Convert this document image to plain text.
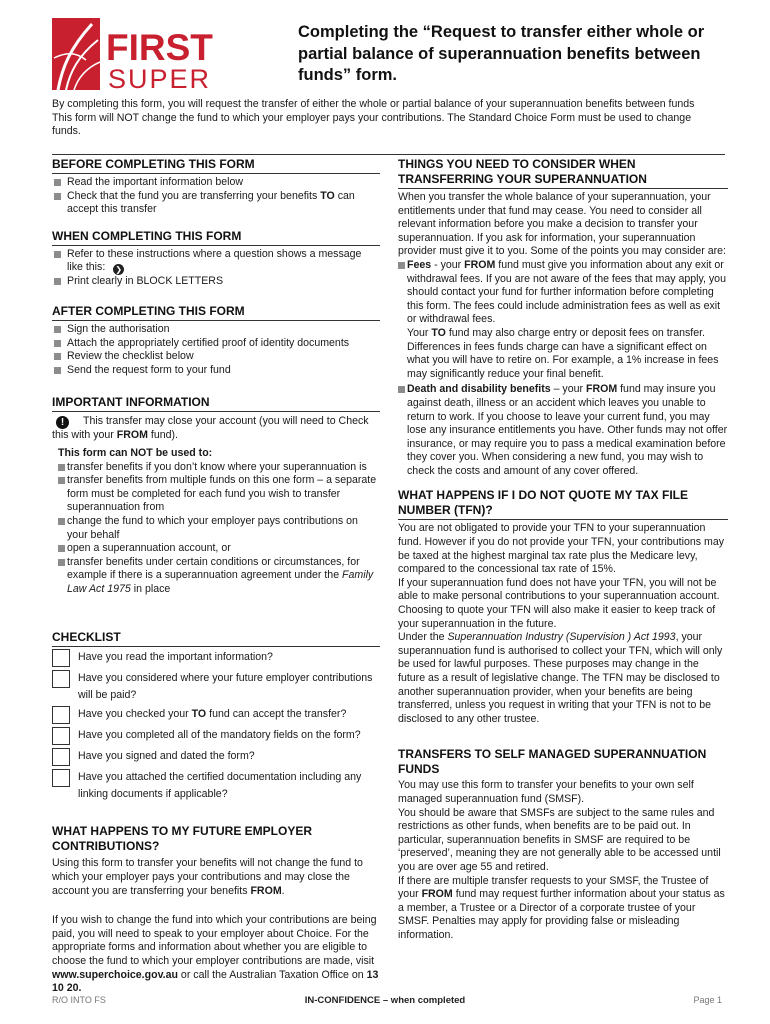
FIRST
SUPER
Completing the “Request to transfer either whole or partial balance of superannuation benefits between funds” form.

By completing this form, you will request the transfer of either the whole or partial balance of your superannuation benefits between funds

This form will NOT change the fund to which your employer pays your contributions. The Standard Choice Form must be used to change funds.

BEFORE COMPLETING THIS FORM
Read the important information below
Check that the fund you are transferring your benefits TO can accept this transfer
WHEN COMPLETING THIS FORM
Refer to these instructions where a question shows a message like this: ❯
Print clearly in BLOCK LETTERS
AFTER COMPLETING THIS FORM
Sign the authorisation
Attach the appropriately certified proof of identity documents
Review the checklist below
Send the request form to your fund
IMPORTANT INFORMATION
! This transfer may close your account (you will need to Check this with your FROM fund).
This form can NOT be used to:
transfer benefits if you don’t know where your superannuation is
transfer benefits from multiple funds on this one form – a separate form must be completed for each fund you wish to transfer superannuation from
change the fund to which your employer pays contributions on your behalf
open a superannuation account, or
transfer benefits under certain conditions or circumstances, for example if there is a superannuation agreement under the Family Law Act 1975 in place
CHECKLIST
Have you read the important information?
Have you considered where your future employer contributions will be paid?
Have you checked your TO fund can accept the transfer?
Have you completed all of the mandatory fields on the form?
Have you signed and dated the form?
Have you attached the certified documentation including any linking documents if applicable?
WHAT HAPPENS TO MY FUTURE EMPLOYER CONTRIBUTIONS?

Using this form to transfer your benefits will not change the fund to which your employer pays your contributions and may close the account you are transferring your benefits FROM.

If you wish to change the fund into which your contributions are being paid, you will need to speak to your employer about Choice. For the appropriate forms and information about whether you are eligible to choose the fund to which your employer contributions are made, visit www.superchoice.gov.au or call the Australian Taxation Office on 13 10 20.

THINGS YOU NEED TO CONSIDER WHEN TRANSFERRING YOUR SUPERANNUATION

When you transfer the whole balance of your superannuation, your entitlements under that fund may cease. You need to consider all relevant information before you make a decision to transfer your superannuation. If you ask for information, your superannuation provider must give it to you. Some of the points you may consider are:

Fees - your FROM fund must give you information about any exit or withdrawal fees. If you are not aware of the fees that may apply, you should contact your fund for further information before completing this form. The fees could include administration fees as well as exit or withdrawal fees.
Your TO fund may also charge entry or deposit fees on transfer. Differences in fees funds charge can have a significant effect on what you will have to retire on. For example, a 1% increase in fees may significantly reduce your final benefit.
Death and disability benefits – your FROM fund may insure you against death, illness or an accident which leaves you unable to return to work. If you choose to leave your current fund, you may lose any insurance entitlements you have. Other funds may not offer insurance, or may require you to pass a medical examination before they cover you. When considering a new fund, you may wish to check the costs and amount of any cover offered.
WHAT HAPPENS IF I DO NOT QUOTE MY TAX FILE NUMBER (TFN)?

You are not obligated to provide your TFN to your superannuation fund. However if you do not provide your TFN, your contributions may be taxed at the highest marginal tax rate plus the Medicare levy, compared to the concessional tax rate of 15%.

If your superannuation fund does not have your TFN, you will not be able to make personal contributions to your superannuation account. Choosing to quote your TFN will also make it easier to keep track of your superannuation in the future.

Under the Superannuation Industry (Supervision ) Act 1993, your superannuation fund is authorised to collect your TFN, which will only be used for lawful purposes. These purposes may change in the future as a result of legislative change. The TFN may be disclosed to another superannuation provider, when your benefits are being transferred, unless you request in writing that your TFN is not to be disclosed to any other trustee.

TRANSFERS TO SELF MANAGED SUPERANNUATION FUNDS

You may use this form to transfer your benefits to your own self managed superannuation fund (SMSF).

You should be aware that SMSFs are subject to the same rules and restrictions as other funds, when benefits are to be paid out. In particular, superannuation benefits in SMSF are required to be ‘preserved’, meaning they are not generally able to be accessed until you are over age 55 and retired.

If there are multiple transfer requests to your SMSF, the Trustee of your FROM fund may request further information about your status as a member, a Trustee or a Director of a corporate trustee of your SMSF. Penalties may apply for providing false or misleading information.

R/O INTO FS	IN-CONFIDENCE – when completed	Page 1
